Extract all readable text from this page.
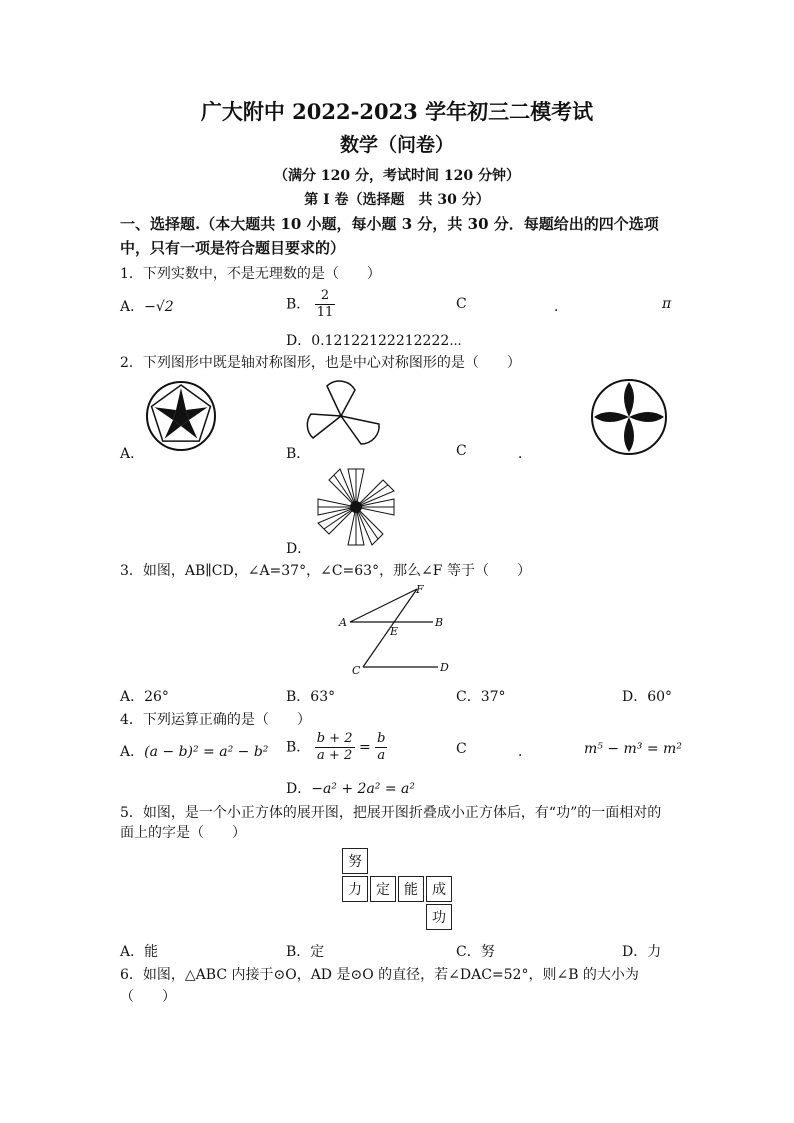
广大附中 2022-2023 学年初三二模考试
数学（问卷）
（满分 120 分，考试时间 120 分钟）
第 I 卷（选择题　共 30 分）
一、选择题.（本大题共 10 小题，每小题 3 分，共 30 分．每题给出的四个选项
中，只有一项是符合题目要求的）
1．下列实数中，不是无理数的是（　　）
A．−√2	B． $\frac{2}{11}$	C	．	π
D．0.12122122212222⋯
2．下列图形中既是轴对称图形，也是中心对称图形的是（　　）
A．	B．	C	．
D．
3．如图，AB∥CD，∠A=37°，∠C=63°，那么∠F 等于（　　）
A	B
C	D
E
F
A．26°	B．63°	C．37°	D．60°
4．下列运算正确的是（　　）
A．(a − b)² = a² − b² B． $\frac{b + 2}{a + 2} = \frac{b}{a}$	C	．	m⁵ − m³ = m²
D．−a² + 2a² = a²
5．如图，是一个小正方体的展开图，把展开图折叠成小正方体后，有“功”的一面相对的
面上的字是（　　）
努
力	定	能	成
功
A．能	B．定	C．努	D．力
6．如图，△ABC 内接于⊙O，AD 是⊙O 的直径，若∠DAC=52°，则∠B 的大小为
（　　）
